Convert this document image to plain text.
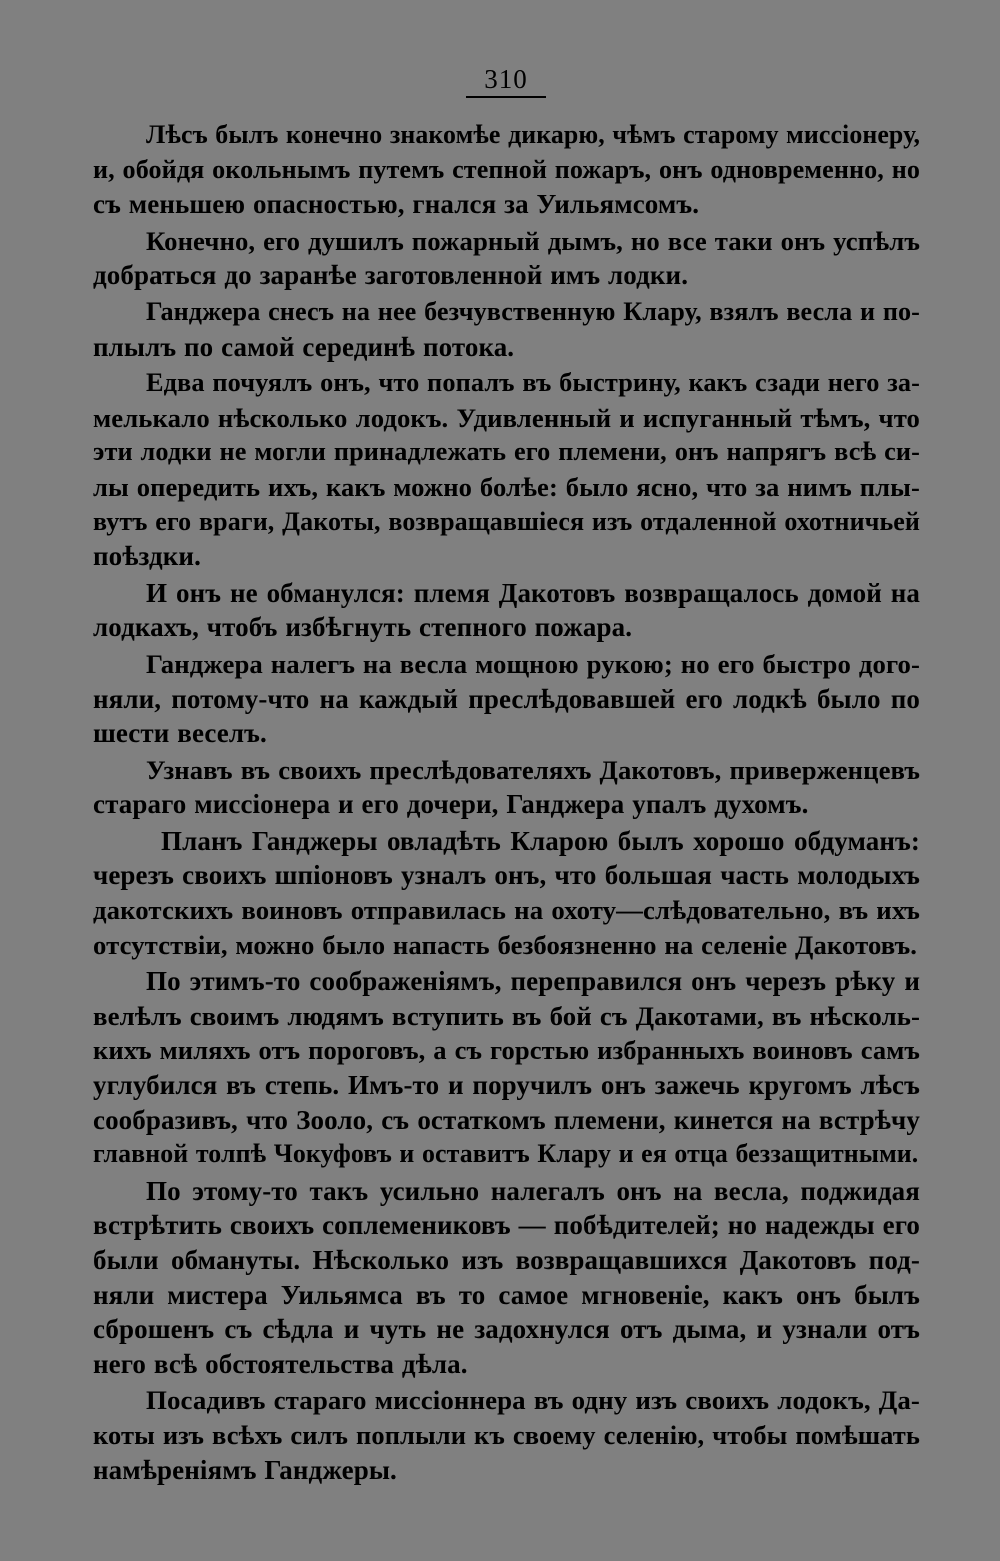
310
Лѣсъ былъ конечно знакомѣе дикарю, чѣмъ старому миссіонеру,
и, обойдя окольнымъ путемъ степной пожаръ, онъ одновременно, но
съ меньшею опасностью, гнался за Уильямсомъ.
Конечно, его душилъ пожарный дымъ, но все таки онъ успѣлъ
добраться до заранѣе заготовленной имъ лодки.
Ганджера снесъ на нее безчувственную Клару, взялъ весла и по-
плылъ по самой серединѣ потока.
Едва почуялъ онъ, что попалъ въ быстрину, какъ сзади него за-
мелькало нѣсколько лодокъ. Удивленный и испуганный тѣмъ, что
эти лодки не могли принадлежать его племени, онъ напрягъ всѣ си-
лы опередить ихъ, какъ можно болѣе: было ясно, что за нимъ плы-
вутъ его враги, Дакоты, возвращавшіеся изъ отдаленной охотничьей
поѣздки.
И онъ не обманулся: племя Дакотовъ возвращалось домой на
лодкахъ, чтобъ избѣгнуть степного пожара.
Ганджера налегъ на весла мощною рукою; но его быстро дого-
няли, потому-что на каждый преслѣдовавшей его лодкѣ было по
шести веселъ.
Узнавъ въ своихъ преслѣдователяхъ Дакотовъ, приверженцевъ
стараго миссіонера и его дочери, Ганджера упалъ духомъ.
Планъ Ганджеры овладѣть Кларою былъ хорошо обдуманъ:
черезъ своихъ шпіоновъ узналъ онъ, что большая часть молодыхъ
дакотскихъ воиновъ отправилась на охоту—слѣдовательно, въ ихъ
отсутствіи, можно было напасть безбоязненно на селеніе Дакотовъ.
По этимъ-то соображеніямъ, переправился онъ черезъ рѣку и
велѣлъ своимъ людямъ вступить въ бой съ Дакотами, въ нѣсколь-
кихъ миляхъ отъ пороговъ, а съ горстью избранныхъ воиновъ самъ
углубился въ степь. Имъ-то и поручилъ онъ зажечь кругомъ лѣсъ
сообразивъ, что Зооло, съ остаткомъ племени, кинется на встрѣчу
главной толпѣ Чокуфовъ и оставитъ Клару и ея отца беззащитными.
По этому-то такъ усильно налегалъ онъ на весла, поджидая
встрѣтить своихъ соплемениковъ — побѣдителей; но надежды его
были обмануты. Нѣсколько изъ возвращавшихся Дакотовъ под-
няли мистера Уильямса въ то самое мгновеніе, какъ онъ былъ
сброшенъ съ сѣдла и чуть не задохнулся отъ дыма, и узнали отъ
него всѣ обстоятельства дѣла.
Посадивъ стараго миссіоннера въ одну изъ своихъ лодокъ, Да-
коты изъ всѣхъ силъ поплыли къ своему селенію, чтобы помѣшать
намѣреніямъ Ганджеры.
